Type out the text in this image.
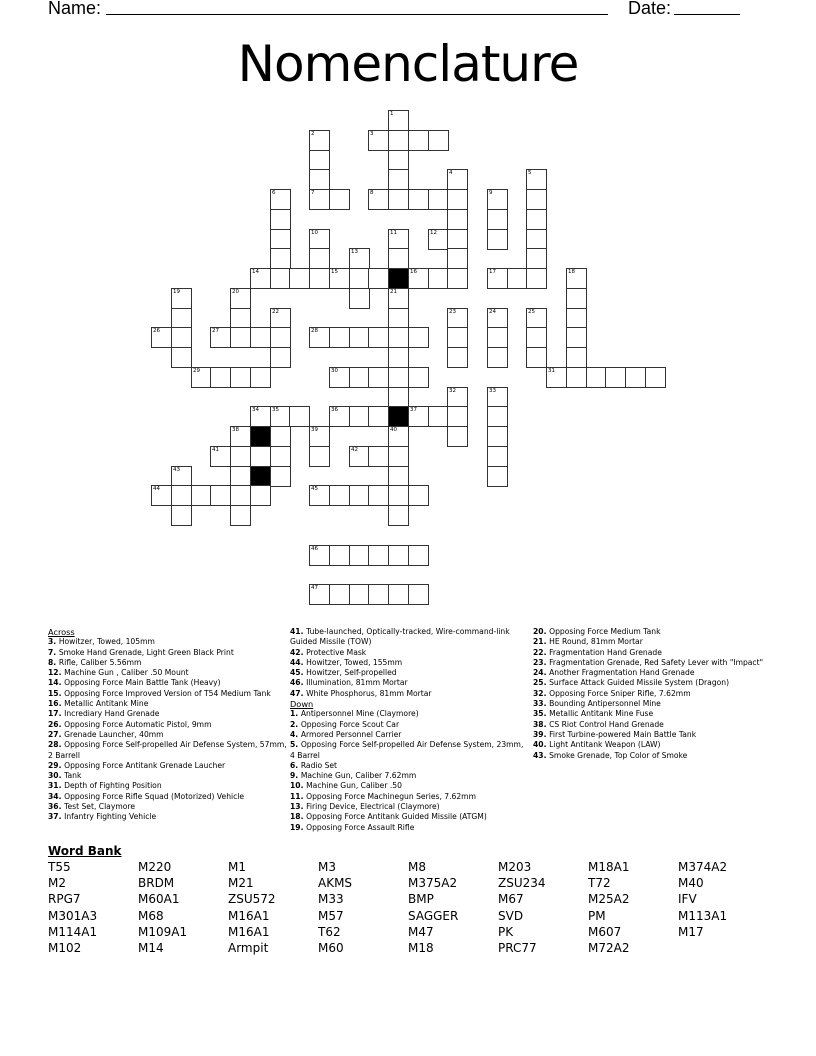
Name:	Date:
Nomenclature
1
2	3
4	5
6	7	8	9
10	11	12
13
14	15	16	17	18
19	20	21
22	23	24	25
26	27	28
29	30	31
32	33
34 35	36	37
38	39	40
41	42
43
44	45
46
47
Across
3. Howitzer, Towed, 105mm
7. Smoke Hand Grenade, Light Green Black Print
8. Rifle, Caliber 5.56mm
12. Machine Gun , Caliber .50 Mount
14. Opposing Force Main Battle Tank (Heavy)
15. Opposing Force Improved Version of T54 Medium Tank
16. Metallic Antitank Mine
17. Incrediary Hand Grenade
26. Opposing Force Automatic Pistol, 9mm
27. Grenade Launcher, 40mm
28. Opposing Force Self-propelled Air Defense System, 57mm, 2 Barrell
29. Opposing Force Antitank Grenade Laucher
30. Tank
31. Depth of Fighting Position
34. Opposing Force Rifle Squad (Motorized) Vehicle
36. Test Set, Claymore
37. Infantry Fighting Vehicle
41. Tube-launched, Optically-tracked, Wire-command-link Guided Missile (TOW)
42. Protective Mask
44. Howitzer, Towed, 155mm
45. Howitzer, Self-propelled
46. Illumination, 81mm Mortar
47. White Phosphorus, 81mm Mortar
Down
1. Antipersonnel Mine (Claymore)
2. Opposing Force Scout Car
4. Armored Personnel Carrier
5. Opposing Force Self-propelled Air Defense System, 23mm, 4 Barrel
6. Radio Set
9. Machine Gun, Caliber 7.62mm
10. Machine Gun, Caliber .50
11. Opposing Force Machinegun Series, 7.62mm
13. Firing Device, Electrical (Claymore)
18. Opposing Force Antitank Guided Missile (ATGM)
19. Opposing Force Assault Rifle
20. Opposing Force Medium Tank
21. HE Round, 81mm Mortar
22. Fragmentation Hand Grenade
23. Fragmentation Grenade, Red Safety Lever with "Impact"
24. Another Fragmentation Hand Grenade
25. Surface Attack Guided Missile System (Dragon)
32. Opposing Force Sniper Rifle, 7.62mm
33. Bounding Antipersonnel Mine
35. Metallic Antitank Mine Fuse
38. CS Riot Control Hand Grenade
39. First Turbine-powered Main Battle Tank
40. Light Antitank Weapon (LAW)
43. Smoke Grenade, Top Color of Smoke
Word Bank
T55	M220	M1	M3	M8	M203	M18A1	M374A2
M2	BRDM	M21	AKMS	M375A2	ZSU234	T72	M40
RPG7	M60A1	ZSU572	M33	BMP	M67	M25A2	IFV
M301A3	M68	M16A1	M57	SAGGER	SVD	PM	M113A1
M114A1	M109A1	M16A1	T62	M47	PK	M607	M17
M102	M14	Armpit	M60	M18	PRC77	M72A2
